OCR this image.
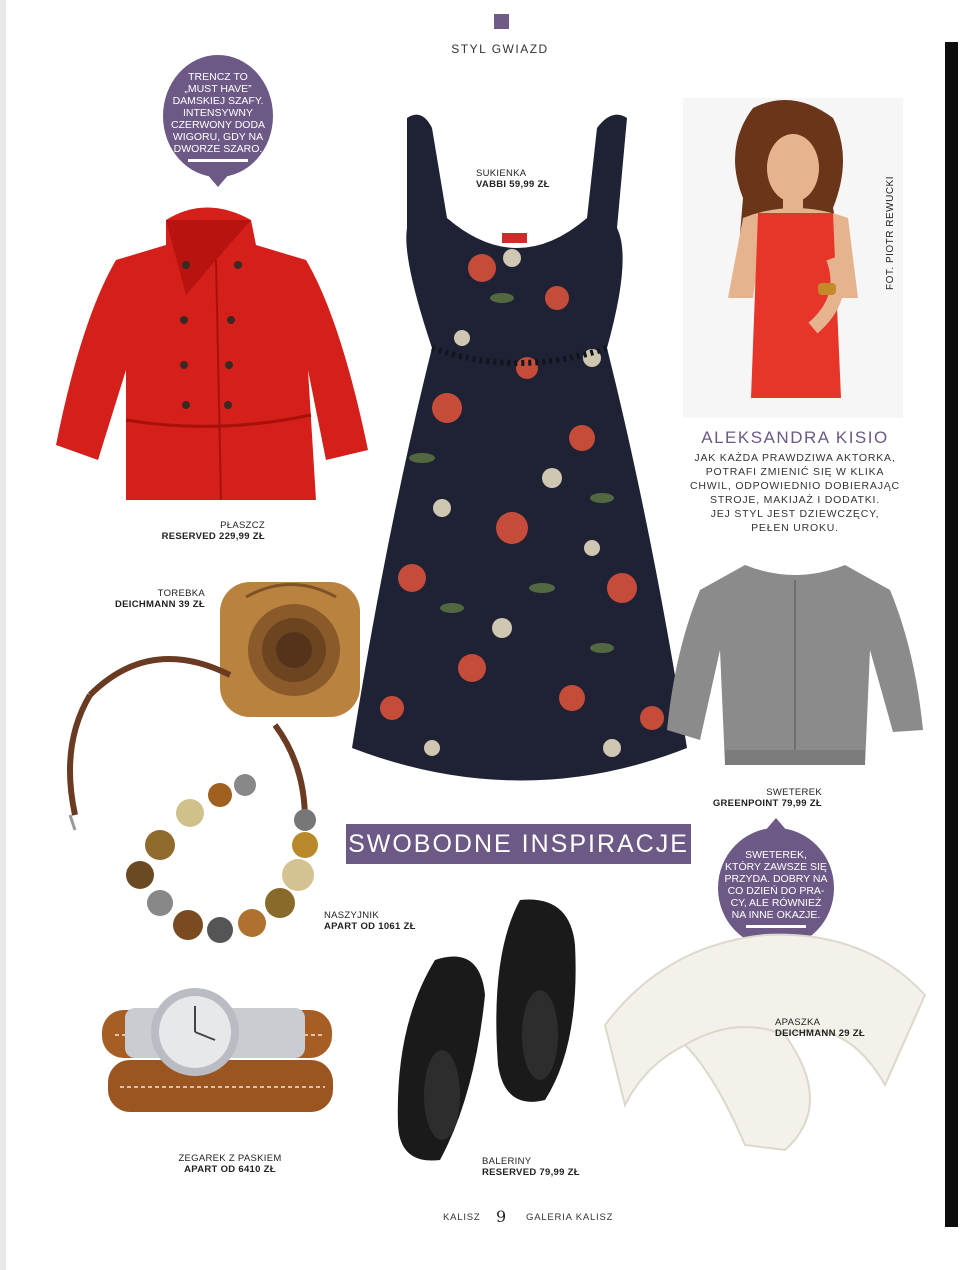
STYL GWIAZD
TRENCZ TO
„MUST HAVE”
DAMSKIEJ SZAFY.
INTENSYWNY
CZERWONY DODA
WIGORU, GDY NA
DWORZE SZARO.
PŁASZCZ
RESERVED 229,99 ZŁ
SUKIENKA
VABBI 59,99 ZŁ	FOT. PIOTR REWUCKI
ALEKSANDRA KISIO
JAK KAŻDA PRAWDZIWA AKTORKA,
POTRAFI ZMIENIĆ SIĘ W KLIKA
CHWIL, ODPOWIEDNIO DOBIERAJĄC
STROJE, MAKIJAŻ I DODATKI.
JEJ STYL JEST DZIEWCZĘCY,
PEŁEN UROKU.
TOREBKA
DEICHMANN 39 ZŁ
NASZYJNIK
APART OD 1061 ZŁ
SWETEREK
GREENPOINT 79,99 ZŁ
SWOBODNE INSPIRACJE	SWETEREK,
KTÓRY ZAWSZE SIĘ
PRZYDA. DOBRY NA
CO DZIEŃ DO PRA-
CY, ALE RÓWNIEŻ
NA INNE OKAZJE.
APASZKA
DEICHMANN 29 ZŁ
ZEGAREK Z PASKIEM
APART OD 6410 ZŁ
BALERINY
RESERVED 79,99 ZŁ
KALISZ 9 GALERIA KALISZ
